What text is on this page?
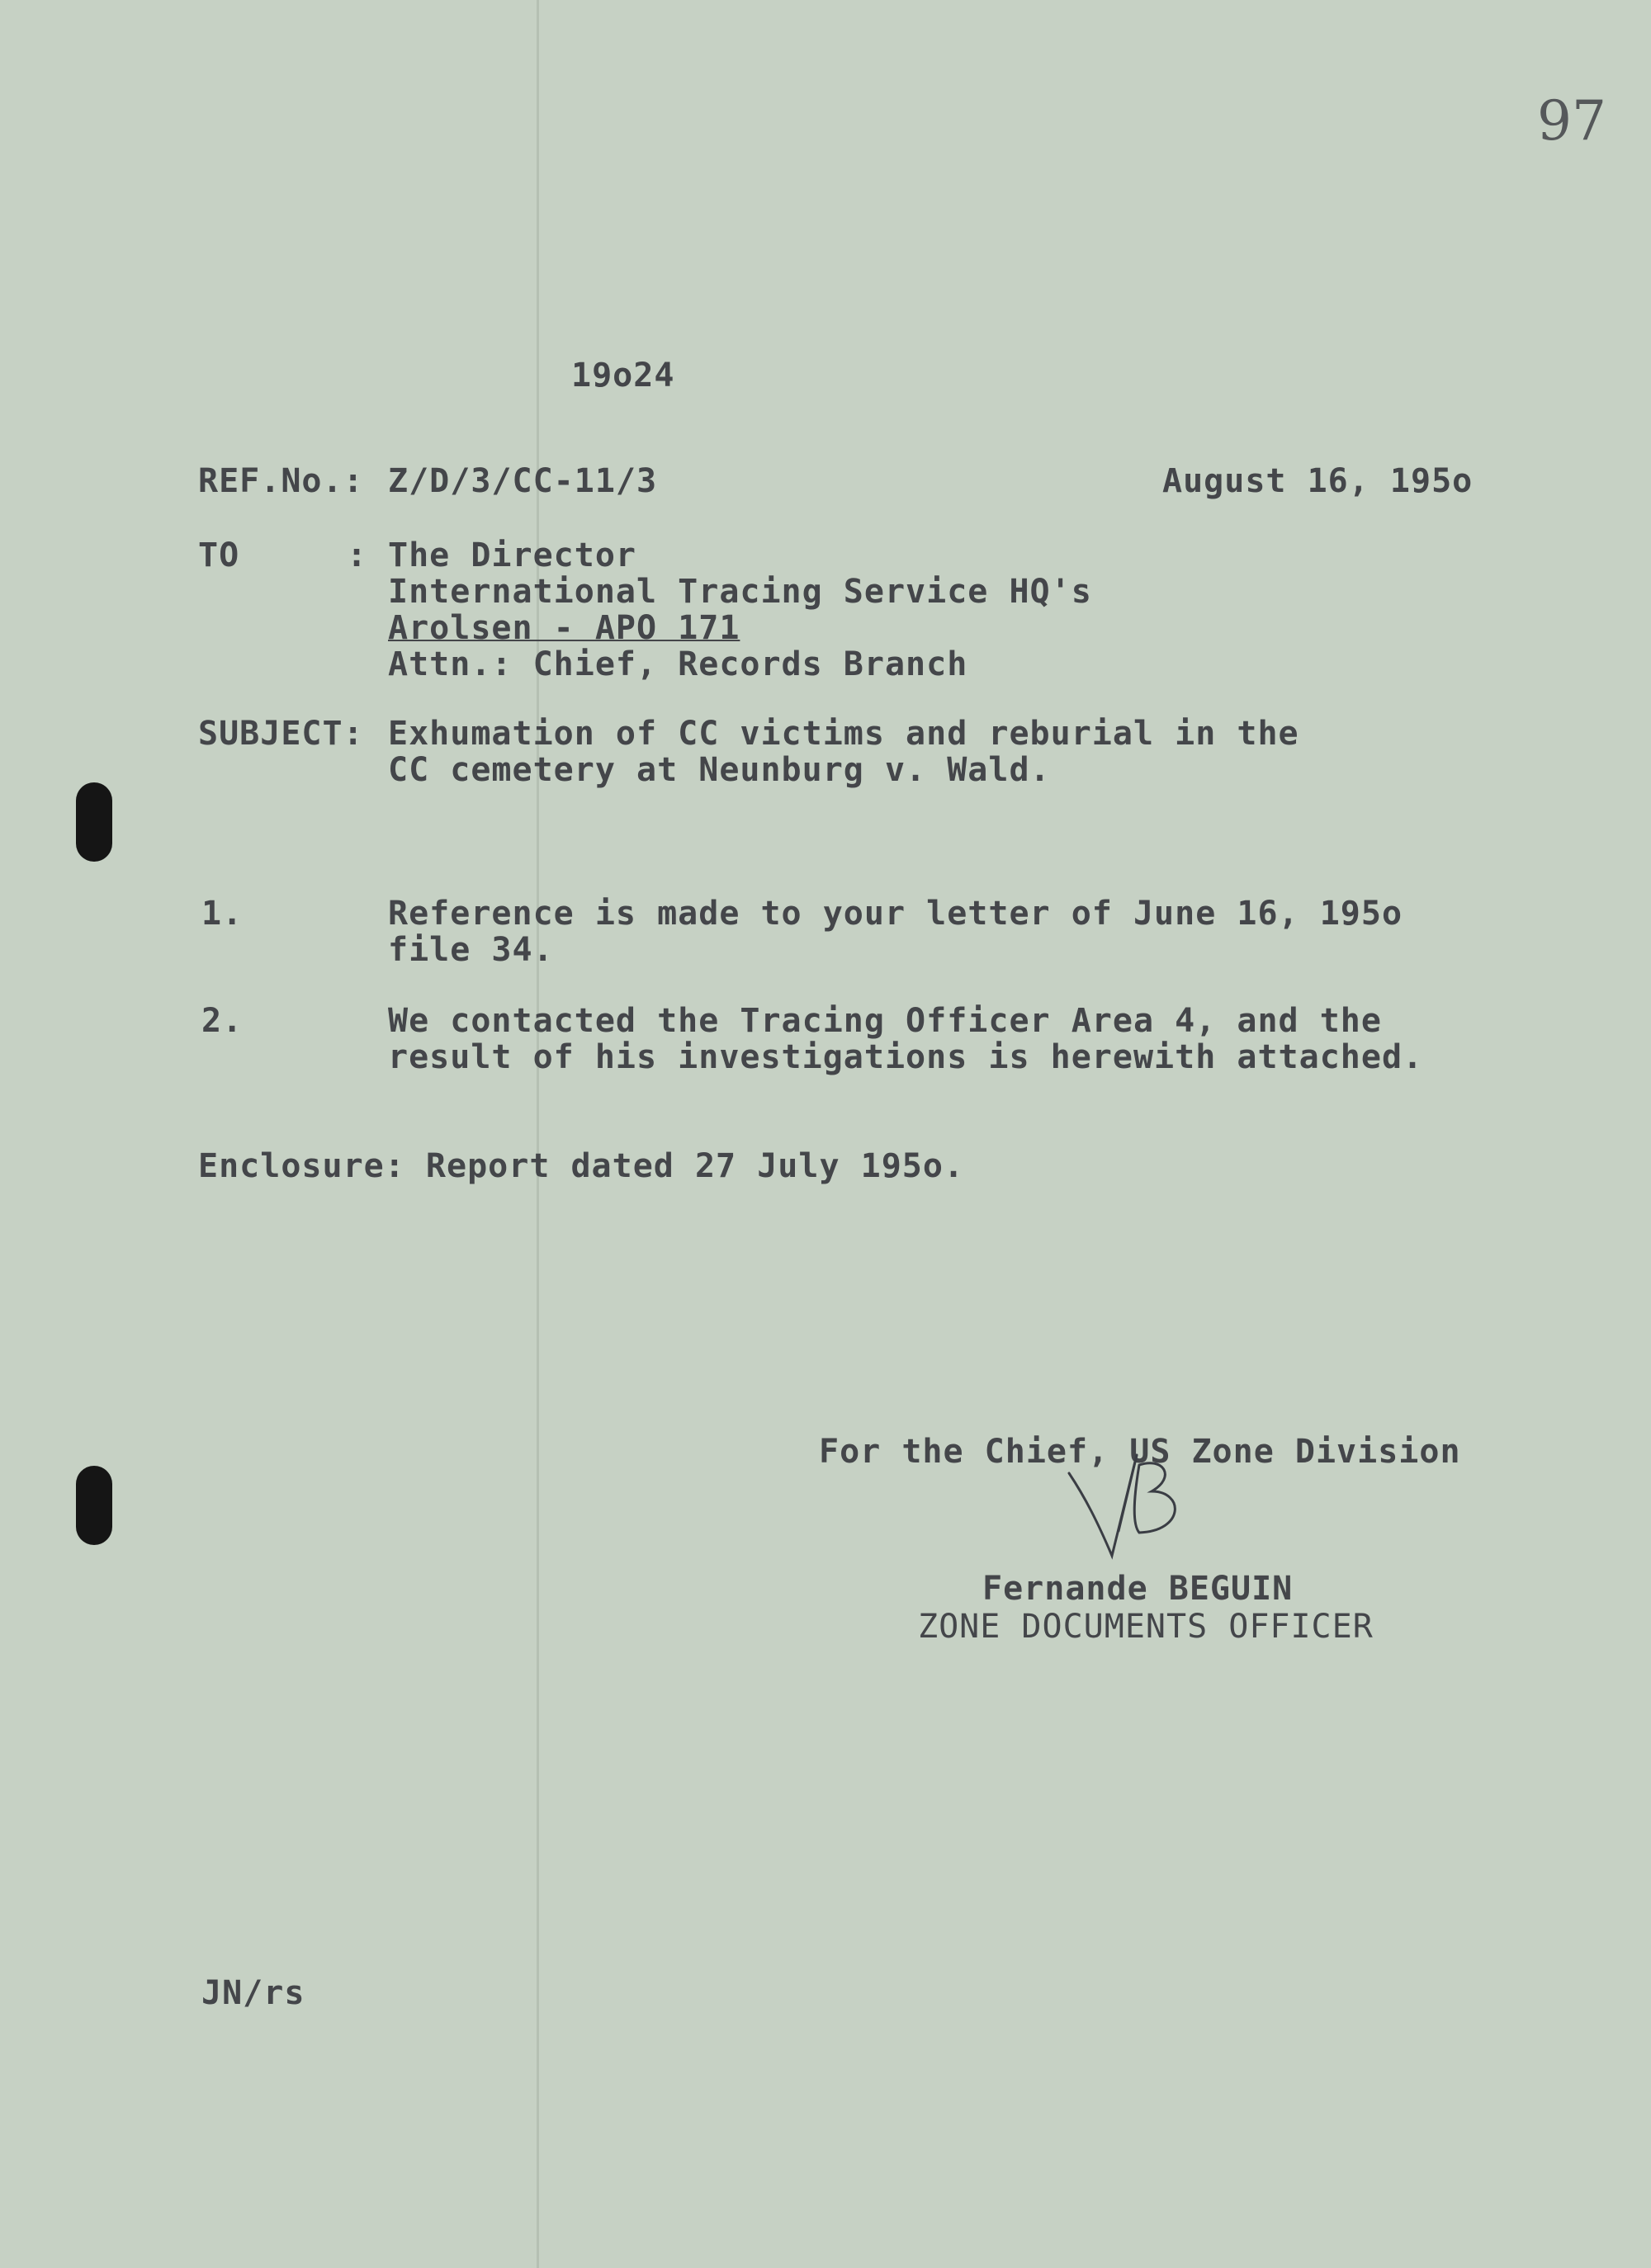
97
19o24
REF.No.: Z/D/3/CC-11/3	August 16, 195o
TO	: The Director
International Tracing Service HQ's
Arolsen - APO 171
Attn.: Chief, Records Branch
SUBJECT: Exhumation of CC victims and reburial in the
CC cemetery at Neunburg v. Wald.
1.	Reference is made to your letter of June 16, 195o
file 34.
2.	We contacted the Tracing Officer Area 4, and the
result of his investigations is herewith attached.
Enclosure: Report dated 27 July 195o.
For the Chief, US Zone Division
Fernande BEGUIN
ZONE DOCUMENTS OFFICER
JN/rs
